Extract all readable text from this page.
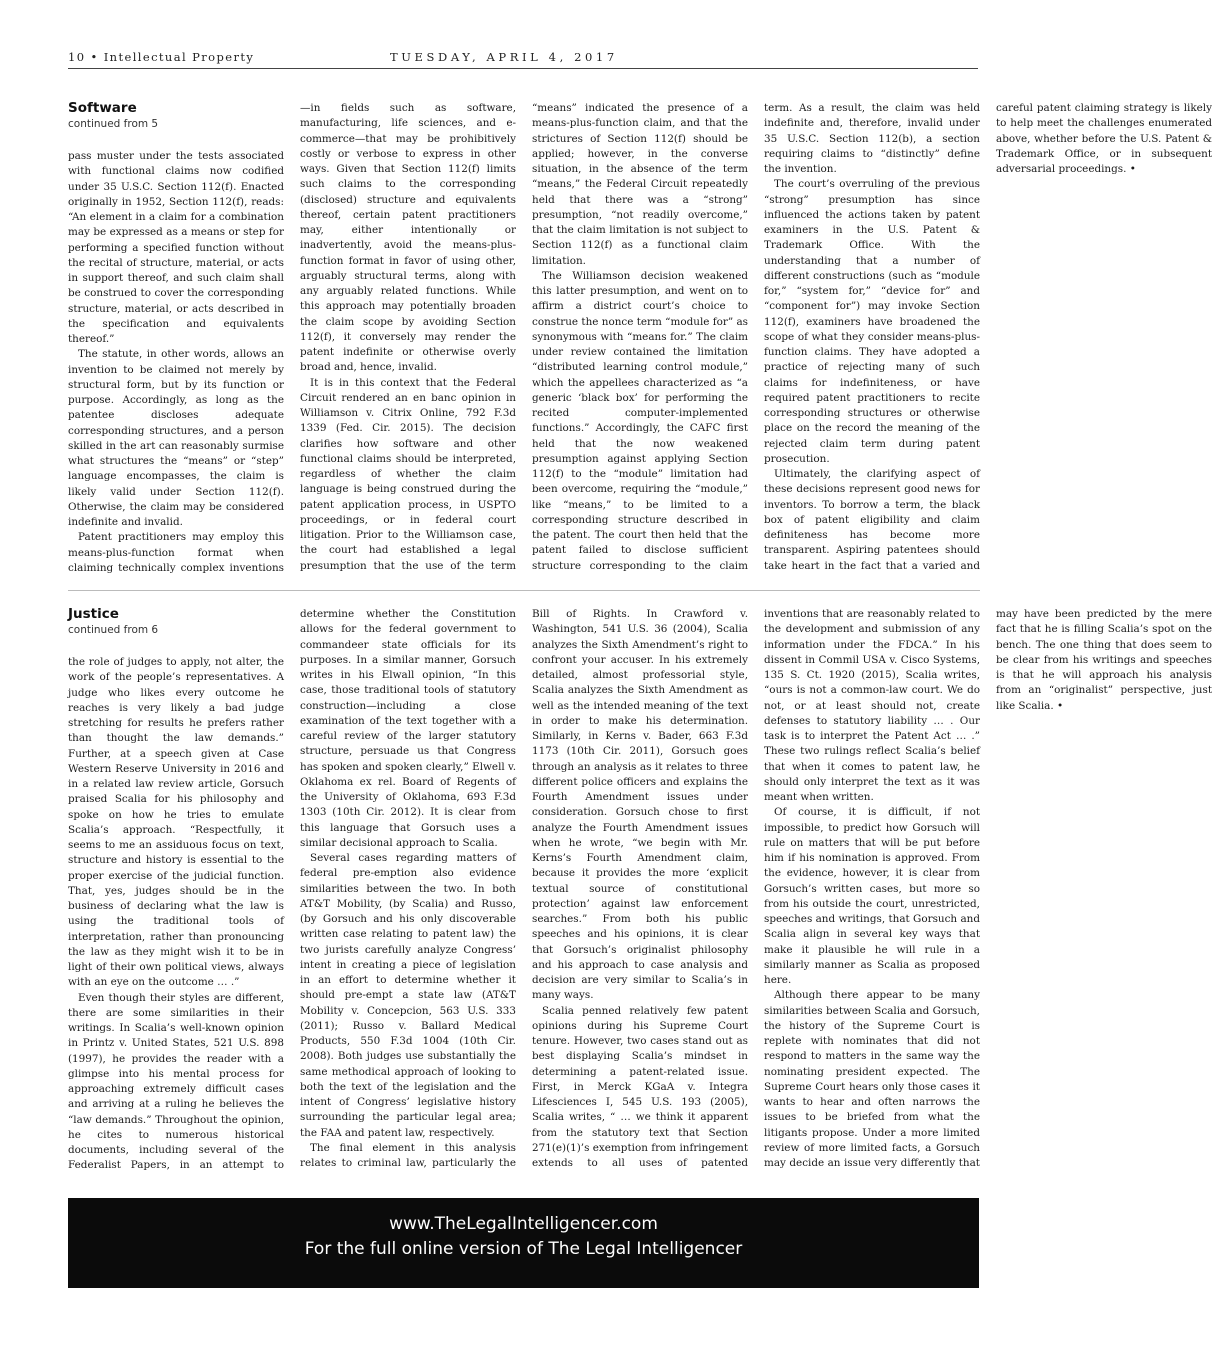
10 • Intellectual Property	TUESDAY, APRIL 4, 2017
Software
continued from 5

pass muster under the tests associated with functional claims now codified under 35 U.S.C. Section 112(f). Enacted originally in 1952, Section 112(f), reads: “An element in a claim for a combination may be expressed as a means or step for performing a specified function without the recital of structure, material, or acts in support thereof, and such claim shall be construed to cover the corresponding structure, material, or acts described in the specification and equivalents thereof.”

The statute, in other words, allows an invention to be claimed not merely by structural form, but by its function or purpose. Accordingly, as long as the patentee discloses adequate corresponding structures, and a person skilled in the art can reasonably surmise what structures the “means” or “step” language encompasses, the claim is likely valid under Section 112(f). Otherwise, the claim may be considered indefinite and invalid.

Patent practitioners may employ this means-plus-function format when claiming technically complex inventions—in fields such as software, manufacturing, life sciences, and e-commerce—that may be prohibitively costly or verbose to express in other ways. Given that Section 112(f) limits such claims to the corresponding (disclosed) structure and equivalents thereof, certain patent practitioners may, either intentionally or inadvertently, avoid the means-plus-function format in favor of using other, arguably structural terms, along with any arguably related functions. While this approach may potentially broaden the claim scope by avoiding Section 112(f), it conversely may render the patent indefinite or otherwise overly broad and, hence, invalid.

It is in this context that the Federal Circuit rendered an en banc opinion in Williamson v. Citrix Online, 792 F.3d 1339 (Fed. Cir. 2015). The decision clarifies how software and other functional claims should be interpreted, regardless of whether the claim language is being construed during the patent application process, in USPTO proceedings, or in federal court litigation. Prior to the Williamson case, the court had established a legal presumption that the use of the term “means” indicated the presence of a means-plus-function claim, and that the strictures of Section 112(f) should be applied; however, in the converse situation, in the absence of the term “means,” the Federal Circuit repeatedly held that there was a “strong” presumption, “not readily overcome,” that the claim limitation is not subject to Section 112(f) as a functional claim limitation.

The Williamson decision weakened this latter presumption, and went on to affirm a district court’s choice to construe the nonce term “module for” as synonymous with “means for.” The claim under review contained the limitation “distributed learning control module,” which the appellees characterized as “a generic ‘black box’ for performing the recited computer-implemented functions.” Accordingly, the CAFC first held that the now weakened presumption against applying Section 112(f) to the “module” limitation had been overcome, requiring the “module,” like “means,” to be limited to a corresponding structure described in the patent. The court then held that the patent failed to disclose sufficient structure corresponding to the claim term. As a result, the claim was held indefinite and, therefore, invalid under 35 U.S.C. Section 112(b), a section requiring claims to “distinctly” define the invention.

The court’s overruling of the previous “strong” presumption has since influenced the actions taken by patent examiners in the U.S. Patent & Trademark Office. With the understanding that a number of different constructions (such as “module for,” “system for,” “device for” and “component for”) may invoke Section 112(f), examiners have broadened the scope of what they consider means-plus-function claims. They have adopted a practice of rejecting many of such claims for indefiniteness, or have required patent practitioners to recite corresponding structures or otherwise place on the record the meaning of the rejected claim term during patent prosecution.

Ultimately, the clarifying aspect of these decisions represent good news for inventors. To borrow a term, the black box of patent eligibility and claim definiteness has become more transparent. Aspiring patentees should take heart in the fact that a varied and careful patent claiming strategy is likely to help meet the challenges enumerated above, whether before the U.S. Patent & Trademark Office, or in subsequent adversarial proceedings. •

Justice
continued from 6

the role of judges to apply, not alter, the work of the people’s representatives. A judge who likes every outcome he reaches is very likely a bad judge stretching for results he prefers rather than thought the law demands.” Further, at a speech given at Case Western Reserve University in 2016 and in a related law review article, Gorsuch praised Scalia for his philosophy and spoke on how he tries to emulate Scalia’s approach. “Respectfully, it seems to me an assiduous focus on text, structure and history is essential to the proper exercise of the judicial function. That, yes, judges should be in the business of declaring what the law is using the traditional tools of interpretation, rather than pronouncing the law as they might wish it to be in light of their own political views, always with an eye on the outcome … .”

Even though their styles are different, there are some similarities in their writings. In Scalia’s well-known opinion in Printz v. United States, 521 U.S. 898 (1997), he provides the reader with a glimpse into his mental process for approaching extremely difficult cases and arriving at a ruling he believes the “law demands.” Throughout the opinion, he cites to numerous historical documents, including several of the Federalist Papers, in an attempt to determine whether the Constitution allows for the federal government to commandeer state officials for its purposes. In a similar manner, Gorsuch writes in his Elwall opinion, “In this case, those traditional tools of statutory construction—including a close examination of the text together with a careful review of the larger statutory structure, persuade us that Congress has spoken and spoken clearly,” Elwell v. Oklahoma ex rel. Board of Regents of the University of Oklahoma, 693 F.3d 1303 (10th Cir. 2012). It is clear from this language that Gorsuch uses a similar decisional approach to Scalia.

Several cases regarding matters of federal pre-emption also evidence similarities between the two. In both AT&T Mobility, (by Scalia) and Russo, (by Gorsuch and his only discoverable written case relating to patent law) the two jurists carefully analyze Congress’ intent in creating a piece of legislation in an effort to determine whether it should pre-empt a state law (AT&T Mobility v. Concepcion, 563 U.S. 333 (2011); Russo v. Ballard Medical Products, 550 F.3d 1004 (10th Cir. 2008). Both judges use substantially the same methodical approach of looking to both the text of the legislation and the intent of Congress’ legislative history surrounding the particular legal area; the FAA and patent law, respectively.

The final element in this analysis relates to criminal law, particularly the Bill of Rights. In Crawford v. Washington, 541 U.S. 36 (2004), Scalia analyzes the Sixth Amendment’s right to confront your accuser. In his extremely detailed, almost professorial style, Scalia analyzes the Sixth Amendment as well as the intended meaning of the text in order to make his determination. Similarly, in Kerns v. Bader, 663 F.3d 1173 (10th Cir. 2011), Gorsuch goes through an analysis as it relates to three different police officers and explains the Fourth Amendment issues under consideration. Gorsuch chose to first analyze the Fourth Amendment issues when he wrote, “we begin with Mr. Kerns’s Fourth Amendment claim, because it provides the more ‘explicit textual source of constitutional protection’ against law enforcement searches.” From both his public speeches and his opinions, it is clear that Gorsuch’s originalist philosophy and his approach to case analysis and decision are very similar to Scalia’s in many ways.

Scalia penned relatively few patent opinions during his Supreme Court tenure. However, two cases stand out as best displaying Scalia’s mindset in determining a patent-related issue. First, in Merck KGaA v. Integra Lifesciences I, 545 U.S. 193 (2005), Scalia writes, “ … we think it apparent from the statutory text that Section 271(e)(1)’s exemption from infringement extends to all uses of patented inventions that are reasonably related to the development and submission of any information under the FDCA.” In his dissent in Commil USA v. Cisco Systems, 135 S. Ct. 1920 (2015), Scalia writes, “ours is not a common-law court. We do not, or at least should not, create defenses to statutory liability … . Our task is to interpret the Patent Act … .” These two rulings reflect Scalia’s belief that when it comes to patent law, he should only interpret the text as it was meant when written.

Of course, it is difficult, if not impossible, to predict how Gorsuch will rule on matters that will be put before him if his nomination is approved. From the evidence, however, it is clear from Gorsuch’s written cases, but more so from his outside the court, unrestricted, speeches and writings, that Gorsuch and Scalia align in several key ways that make it plausible he will rule in a similarly manner as Scalia as proposed here.

Although there appear to be many similarities between Scalia and Gorsuch, the history of the Supreme Court is replete with nominates that did not respond to matters in the same way the nominating president expected. The Supreme Court hears only those cases it wants to hear and often narrows the issues to be briefed from what the litigants propose. Under a more limited review of more limited facts, a Gorsuch may decide an issue very differently that may have been predicted by the mere fact that he is filling Scalia’s spot on the bench. The one thing that does seem to be clear from his writings and speeches is that he will approach his analysis from an “originalist” perspective, just like Scalia. •

www.TheLegalIntelligencer.com
For the full online version of The Legal Intelligencer
